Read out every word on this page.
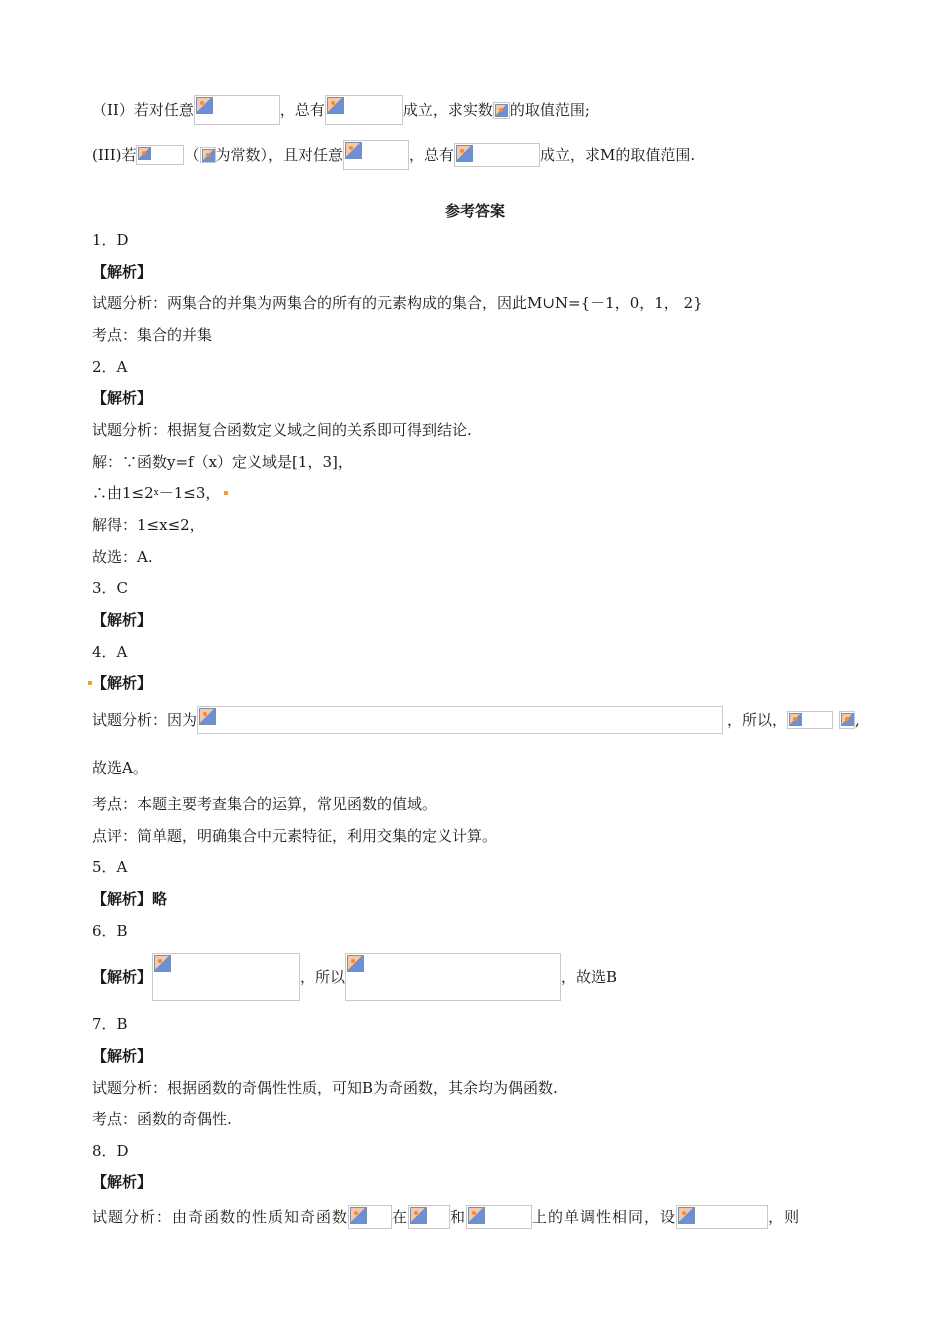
（II）若对任意	，总有	成立，求实数 的取值范围;
(III)若	（ 为常数），且对任意	，总有	成立，求M的取值范围.
参考答案
1．D
【解析】
试题分析：两集合的并集为两集合的所有的元素构成的集合，因此M∪N={－1，0，1， 2}
考点：集合的并集
2．A
【解析】
试题分析：根据复合函数定义域之间的关系即可得到结论.
解：∵函数y=f（x）定义域是[1，3]，
∴由1≤2 x －1≤3，
解得：1≤x≤2，
故选：A.
3．C
【解析】
4．A
【解析】
试题分析：因为	，所以，	,
故选A。
考点：本题主要考查集合的运算，常见函数的值域。
点评：简单题，明确集合中元素特征，利用交集的定义计算。
5．A
【解析】略
6．B
【解析】	，所以	，故选B
7．B
【解析】
试题分析：根据函数的奇偶性性质，可知B为奇函数，其余均为偶函数.
考点：函数的奇偶性.
8．D
【解析】
试题分析：由奇函数的性质知奇函数	在	和	上的单调性相同，设	，则
